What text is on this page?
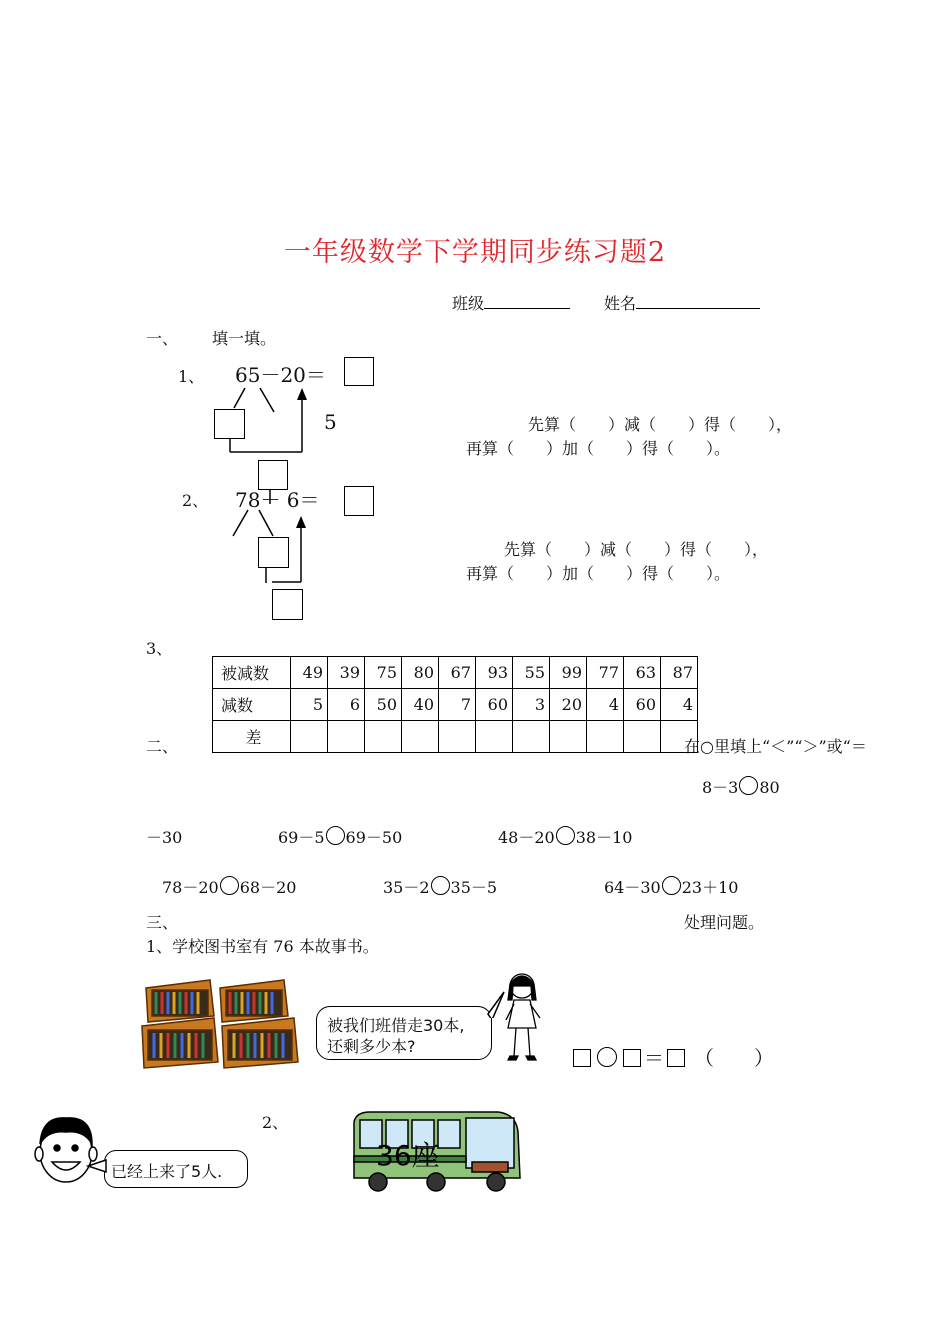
一年级数学下学期同步练习题2
班级	姓名
一、 填一填。
1、 65－20＝
5	先算（　　）减（　　）得（　　），
再算（　　）加（　　）得（　　）。
2、 78－ 6＝
先算（　　）减（　　）得（　　），
再算（　　）加（　　）得（　　）。
3、
被减数	49	39	75	80	67	93	55	99	77	63	87
减数	5	6	50	40	7	60	3	20	4	60	4
差											
二、	在○里填上“＜”“＞”或“＝
8－3 80
－30	69－5 69－50	48－20 38－10
78－20 68－20	35－2 35－5	64－30 23＋10
三、	处理问题。
1、学校图书室有 76 本故事书。
被我们班借走30本,
还剩多少本?	＝ （　　）
2、
已经上来了5人.	36座
